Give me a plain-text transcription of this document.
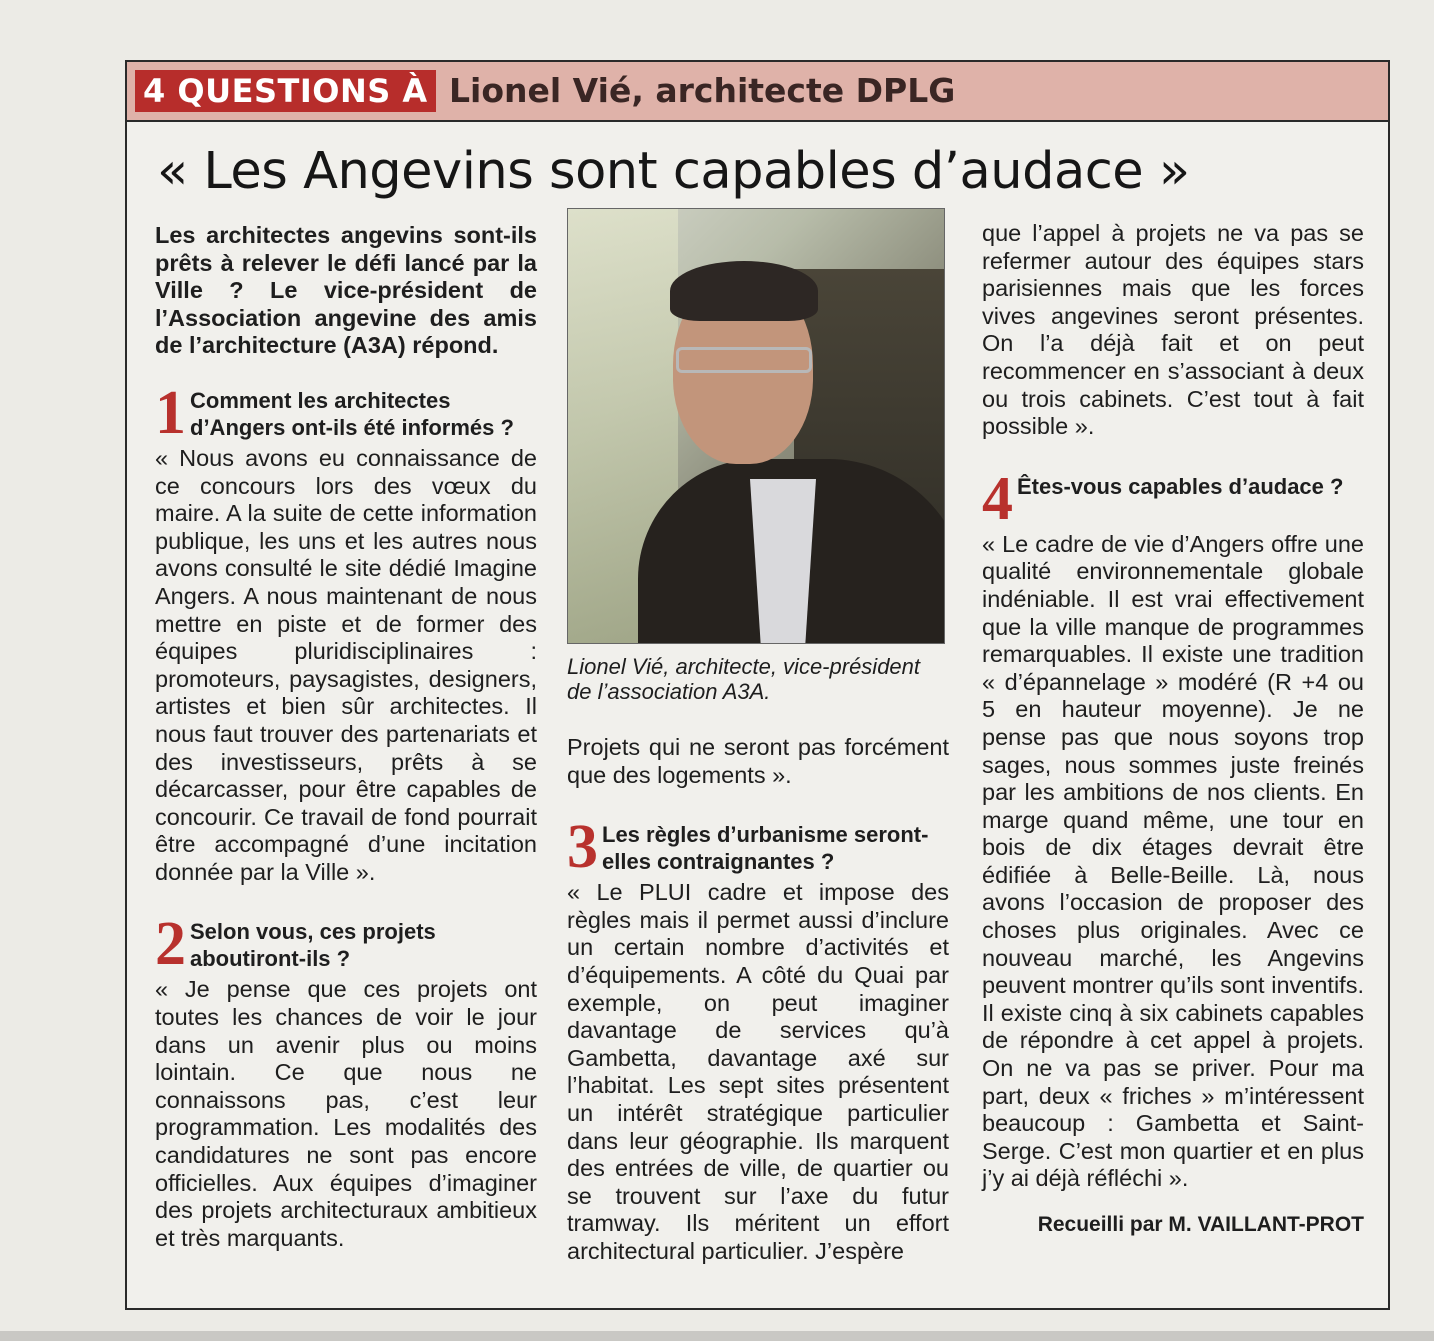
4 QUESTIONS À Lionel Vié, architecte DPLG
« Les Angevins sont capables d’audace »

Les architectes angevins sont-ils prêts à relever le défi lancé par la Ville ? Le vice-président de l’Association angevine des amis de l’architecture (A3A) répond.

1 Comment les architectes d’Angers ont-ils été informés ?

« Nous avons eu connaissance de ce concours lors des vœux du maire. A la suite de cette information publique, les uns et les autres nous avons consulté le site dédié Imagine Angers. A nous maintenant de nous mettre en piste et de former des équipes pluridisciplinaires : promoteurs, paysagistes, designers, artistes et bien sûr architectes. Il nous faut trouver des partenariats et des investisseurs, prêts à se décarcasser, pour être capables de concourir. Ce travail de fond pourrait être accompagné d’une incitation donnée par la Ville ».

2 Selon vous, ces projets aboutiront-ils ?

« Je pense que ces projets ont toutes les chances de voir le jour dans un avenir plus ou moins lointain. Ce que nous ne connaissons pas, c’est leur programmation. Les modalités des candidatures ne sont pas encore officielles. Aux équipes d’imaginer des projets architecturaux ambitieux et très marquants.

Lionel Vié, architecte, vice-président de l’association A3A.

Projets qui ne seront pas forcément que des logements ».

3 Les règles d’urbanisme seront-elles contraignantes ?

« Le PLUI cadre et impose des règles mais il permet aussi d’inclure un certain nombre d’activités et d’équipements. A côté du Quai par exemple, on peut imaginer davantage de services qu’à Gambetta, davantage axé sur l’habitat. Les sept sites présentent un intérêt stratégique particulier dans leur géographie. Ils marquent des entrées de ville, de quartier ou se trouvent sur l’axe du futur tramway. Ils méritent un effort architectural particulier. J’espère

que l’appel à projets ne va pas se refermer autour des équipes stars parisiennes mais que les forces vives angevines seront présentes. On l’a déjà fait et on peut recommencer en s’associant à deux ou trois cabinets. C’est tout à fait possible ».

4 Êtes-vous capables d’audace ?

« Le cadre de vie d’Angers offre une qualité environnementale globale indéniable. Il est vrai effectivement que la ville manque de programmes remarquables. Il existe une tradition « d’épannelage » modéré (R +4 ou 5 en hauteur moyenne). Je ne pense pas que nous soyons trop sages, nous sommes juste freinés par les ambitions de nos clients. En marge quand même, une tour en bois de dix étages devrait être édifiée à Belle-Beille. Là, nous avons l’occasion de proposer des choses plus originales. Avec ce nouveau marché, les Angevins peuvent montrer qu’ils sont inventifs. Il existe cinq à six cabinets capables de répondre à cet appel à projets. On ne va pas se priver. Pour ma part, deux « friches » m’intéressent beaucoup : Gambetta et Saint-Serge. C’est mon quartier et en plus j’y ai déjà réfléchi ».

Recueilli par M. VAILLANT-PROT
